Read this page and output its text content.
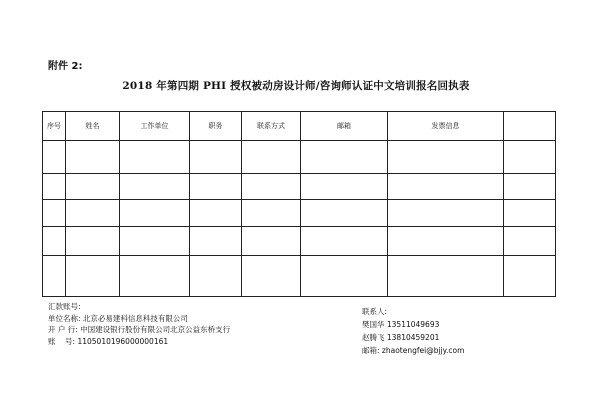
附件 2:
2018 年第四期 PHI 授权被动房设计师/咨询师认证中文培训报名回执表
序号	姓名	工作单位	职务	联系方式	邮箱	发票信息	

汇款账号:
单位名称: 北京必易建科信息科技有限公司
开 户 行: 中国建设银行股份有限公司北京公益东桥支行
账    号: 1105010196000000161
联系人:
樊国华 13511049693
赵腾飞 13810459201
邮箱: zhaotengfei@bjjy.com
